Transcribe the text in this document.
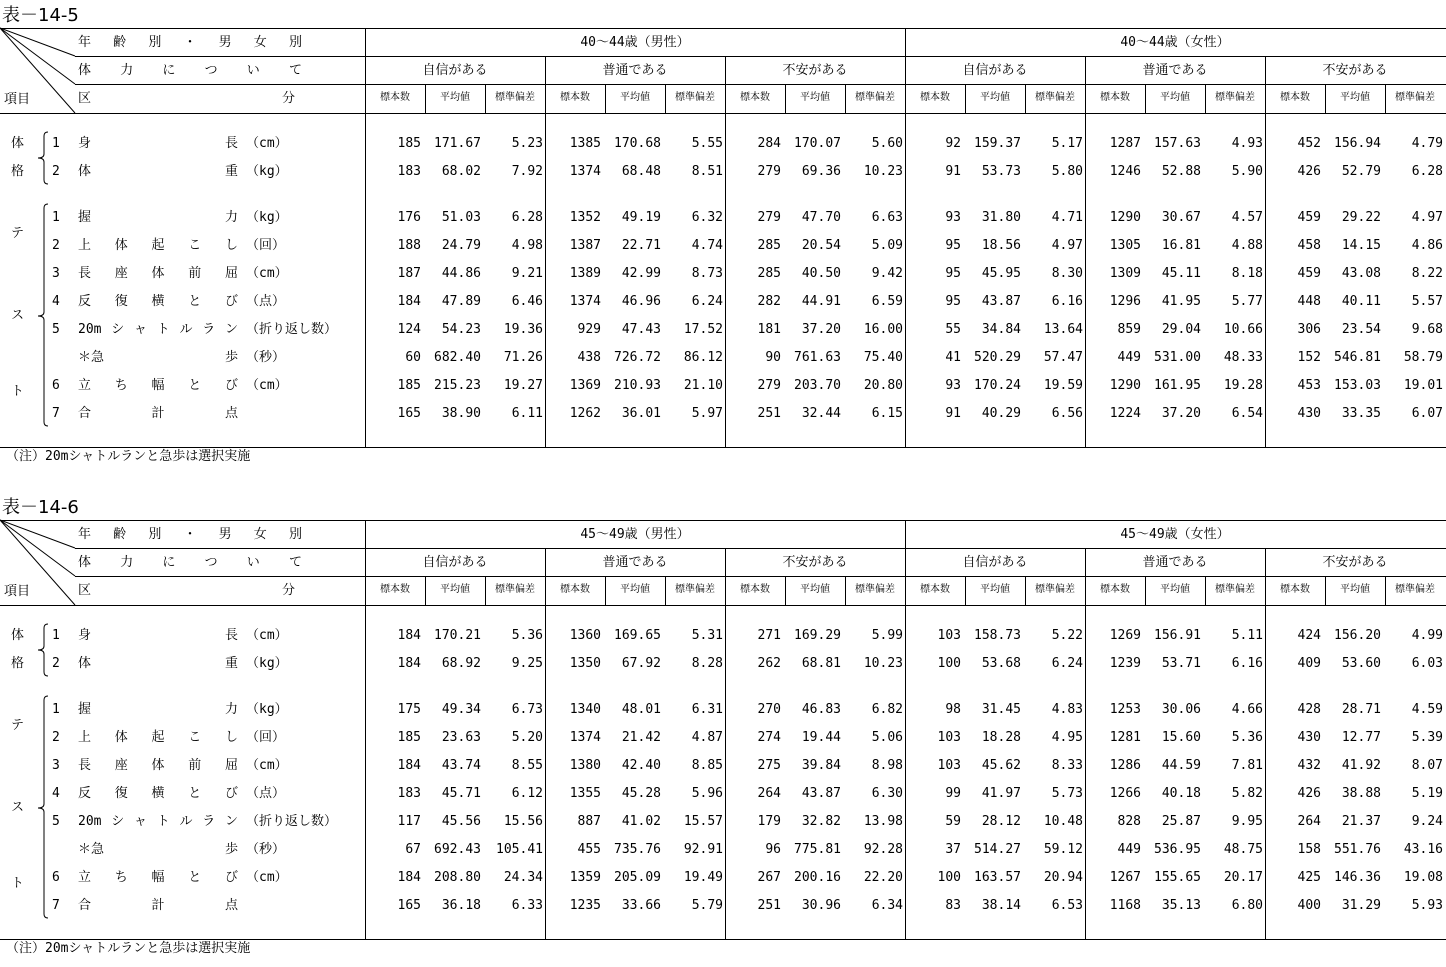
表－14-5
年 齢 別 ・ 男 女 別	40～44歳（男性）	40～44歳（女性）
体 力 に つ い て	自信がある	普通である	不安がある	自信がある	普通である	不安がある
項目	区	分	標本数	平均値	標準偏差	標本数	平均値	標準偏差	標本数	平均値	標準偏差	標本数	平均値	標準偏差	標本数	平均値	標準偏差	標本数	平均値	標準偏差
体
格
テ
ス
ト
1 身	長 （cm）	185	171.67	5.23	1385	170.68	5.55	284	170.07	5.60	92	159.37	5.17	1287	157.63	4.93	452	156.94	4.79
2 体	重 （kg）	183	68.02	7.92	1374	68.48	8.51	279	69.36	10.23	91	53.73	5.80	1246	52.88	5.90	426	52.79	6.28
1 握	力 （kg）	176	51.03	6.28	1352	49.19	6.32	279	47.70	6.63	93	31.80	4.71	1290	30.67	4.57	459	29.22	4.97
2 上 体 起 こ し （回）	188	24.79	4.98	1387	22.71	4.74	285	20.54	5.09	95	18.56	4.97	1305	16.81	4.88	458	14.15	4.86
3 長 座 体 前 屈 （cm）	187	44.86	9.21	1389	42.99	8.73	285	40.50	9.42	95	45.95	8.30	1309	45.11	8.18	459	43.08	8.22
4 反 復 横 と び （点）	184	47.89	6.46	1374	46.96	6.24	282	44.91	6.59	95	43.87	6.16	1296	41.95	5.77	448	40.11	5.57
5 20m シ ャ ト ル ラ ン （折り返し数）	124	54.23	19.36	929	47.43	17.52	181	37.20	16.00	55	34.84	13.64	859	29.04	10.66	306	23.54	9.68
＊急	歩 （秒）	60	682.40	71.26	438	726.72	86.12	90	761.63	75.40	41	520.29	57.47	449	531.00	48.33	152	546.81	58.79
6 立 ち 幅 と び （cm）	185	215.23	19.27	1369	210.93	21.10	279	203.70	20.80	93	170.24	19.59	1290	161.95	19.28	453	153.03	19.01
7 合	計	点	165	38.90	6.11	1262	36.01	5.97	251	32.44	6.15	91	40.29	6.56	1224	37.20	6.54	430	33.35	6.07
（注）20mシャトルランと急歩は選択実施
表－14-6
年 齢 別 ・ 男 女 別	45～49歳（男性）	45～49歳（女性）
体 力 に つ い て	自信がある	普通である	不安がある	自信がある	普通である	不安がある
項目	区	分	標本数	平均値	標準偏差	標本数	平均値	標準偏差	標本数	平均値	標準偏差	標本数	平均値	標準偏差	標本数	平均値	標準偏差	標本数	平均値	標準偏差
体
格
テ
ス
ト
1 身	長 （cm）	184	170.21	5.36	1360	169.65	5.31	271	169.29	5.99	103	158.73	5.22	1269	156.91	5.11	424	156.20	4.99
2 体	重 （kg）	184	68.92	9.25	1350	67.92	8.28	262	68.81	10.23	100	53.68	6.24	1239	53.71	6.16	409	53.60	6.03
1 握	力 （kg）	175	49.34	6.73	1340	48.01	6.31	270	46.83	6.82	98	31.45	4.83	1253	30.06	4.66	428	28.71	4.59
2 上 体 起 こ し （回）	185	23.63	5.20	1374	21.42	4.87	274	19.44	5.06	103	18.28	4.95	1281	15.60	5.36	430	12.77	5.39
3 長 座 体 前 屈 （cm）	184	43.74	8.55	1380	42.40	8.85	275	39.84	8.98	103	45.62	8.33	1286	44.59	7.81	432	41.92	8.07
4 反 復 横 と び （点）	183	45.71	6.12	1355	45.28	5.96	264	43.87	6.30	99	41.97	5.73	1266	40.18	5.82	426	38.88	5.19
5 20m シ ャ ト ル ラ ン （折り返し数）	117	45.56	15.56	887	41.02	15.57	179	32.82	13.98	59	28.12	10.48	828	25.87	9.95	264	21.37	9.24
＊急	歩 （秒）	67	692.43	105.41	455	735.76	92.91	96	775.81	92.28	37	514.27	59.12	449	536.95	48.75	158	551.76	43.16
6 立 ち 幅 と び （cm）	184	208.80	24.34	1359	205.09	19.49	267	200.16	22.20	100	163.57	20.94	1267	155.65	20.17	425	146.36	19.08
7 合	計	点	165	36.18	6.33	1235	33.66	5.79	251	30.96	6.34	83	38.14	6.53	1168	35.13	6.80	400	31.29	5.93
（注）20mシャトルランと急歩は選択実施
